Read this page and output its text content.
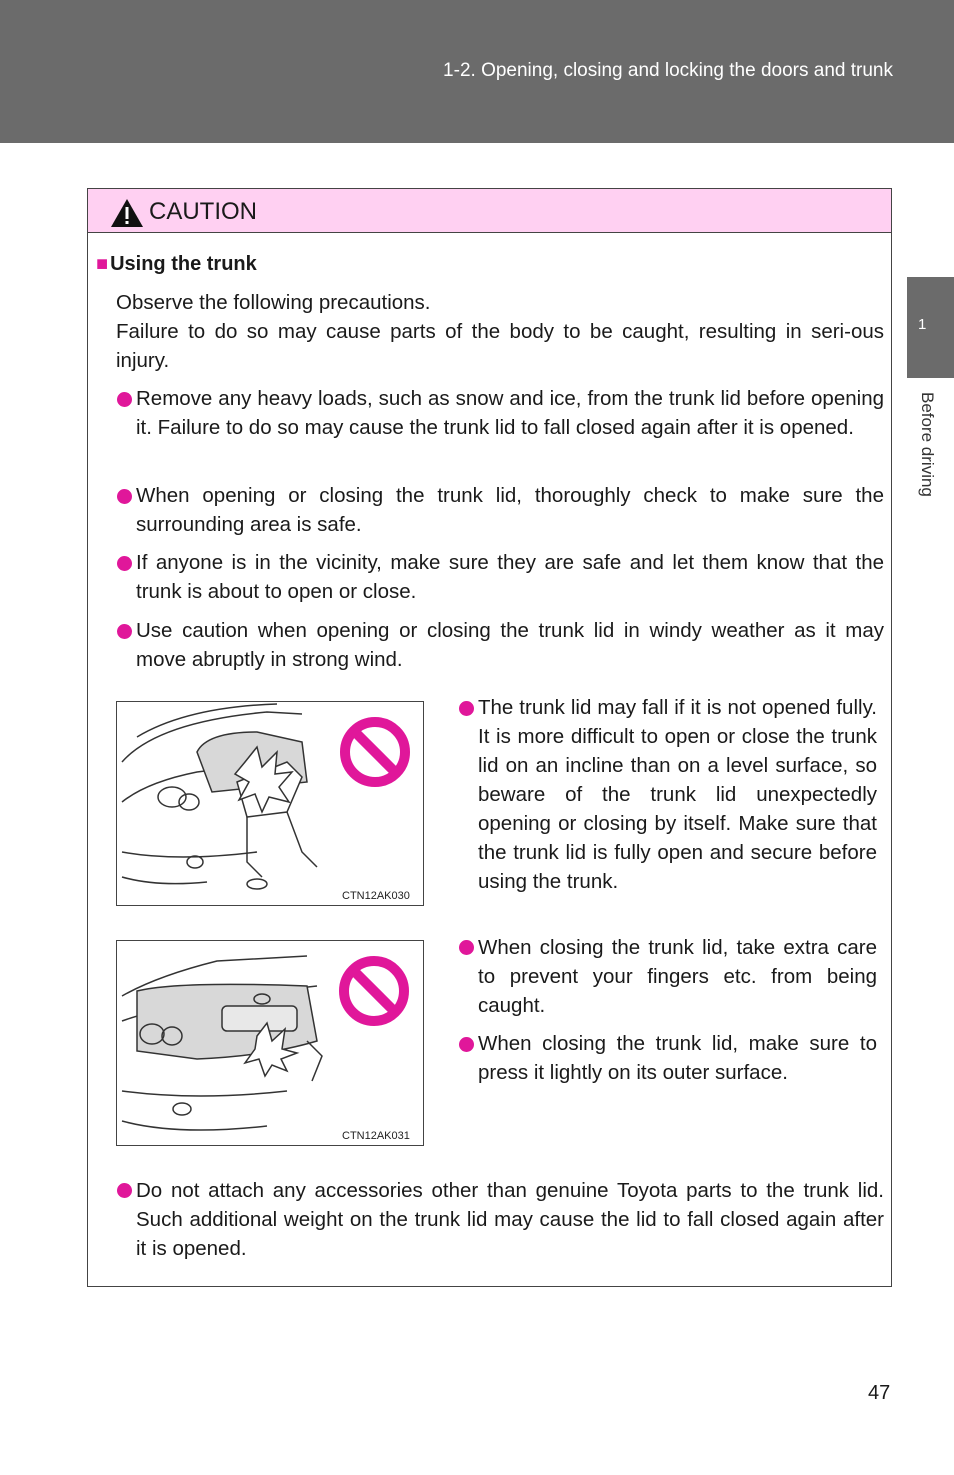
1-2. Opening, closing and locking the doors and trunk
1
Before driving
CAUTION
■ Using the trunk
Observe the following precautions.
Failure to do so may cause parts of the body to be caught, resulting in seri-ous injury.
Remove any heavy loads, such as snow and ice, from the trunk lid before opening it. Failure to do so may cause the trunk lid to fall closed again after it is opened.
When opening or closing the trunk lid, thoroughly check to make sure the surrounding area is safe.
If anyone is in the vicinity, make sure they are safe and let them know that the trunk is about to open or close.
Use caution when opening or closing the trunk lid in windy weather as it may move abruptly in strong wind.
CTN12AK030
CTN12AK031
The trunk lid may fall if it is not opened fully. It is more difficult to open or close the trunk lid on an incline than on a level surface, so beware of the trunk lid unexpectedly opening or closing by itself. Make sure that the trunk lid is fully open and secure before using the trunk.
When closing the trunk lid, take extra care to prevent your fingers etc. from being caught.
When closing the trunk lid, make sure to press it lightly on its outer surface.
Do not attach any accessories other than genuine Toyota parts to the trunk lid. Such additional weight on the trunk lid may cause the lid to fall closed again after it is opened.
47
